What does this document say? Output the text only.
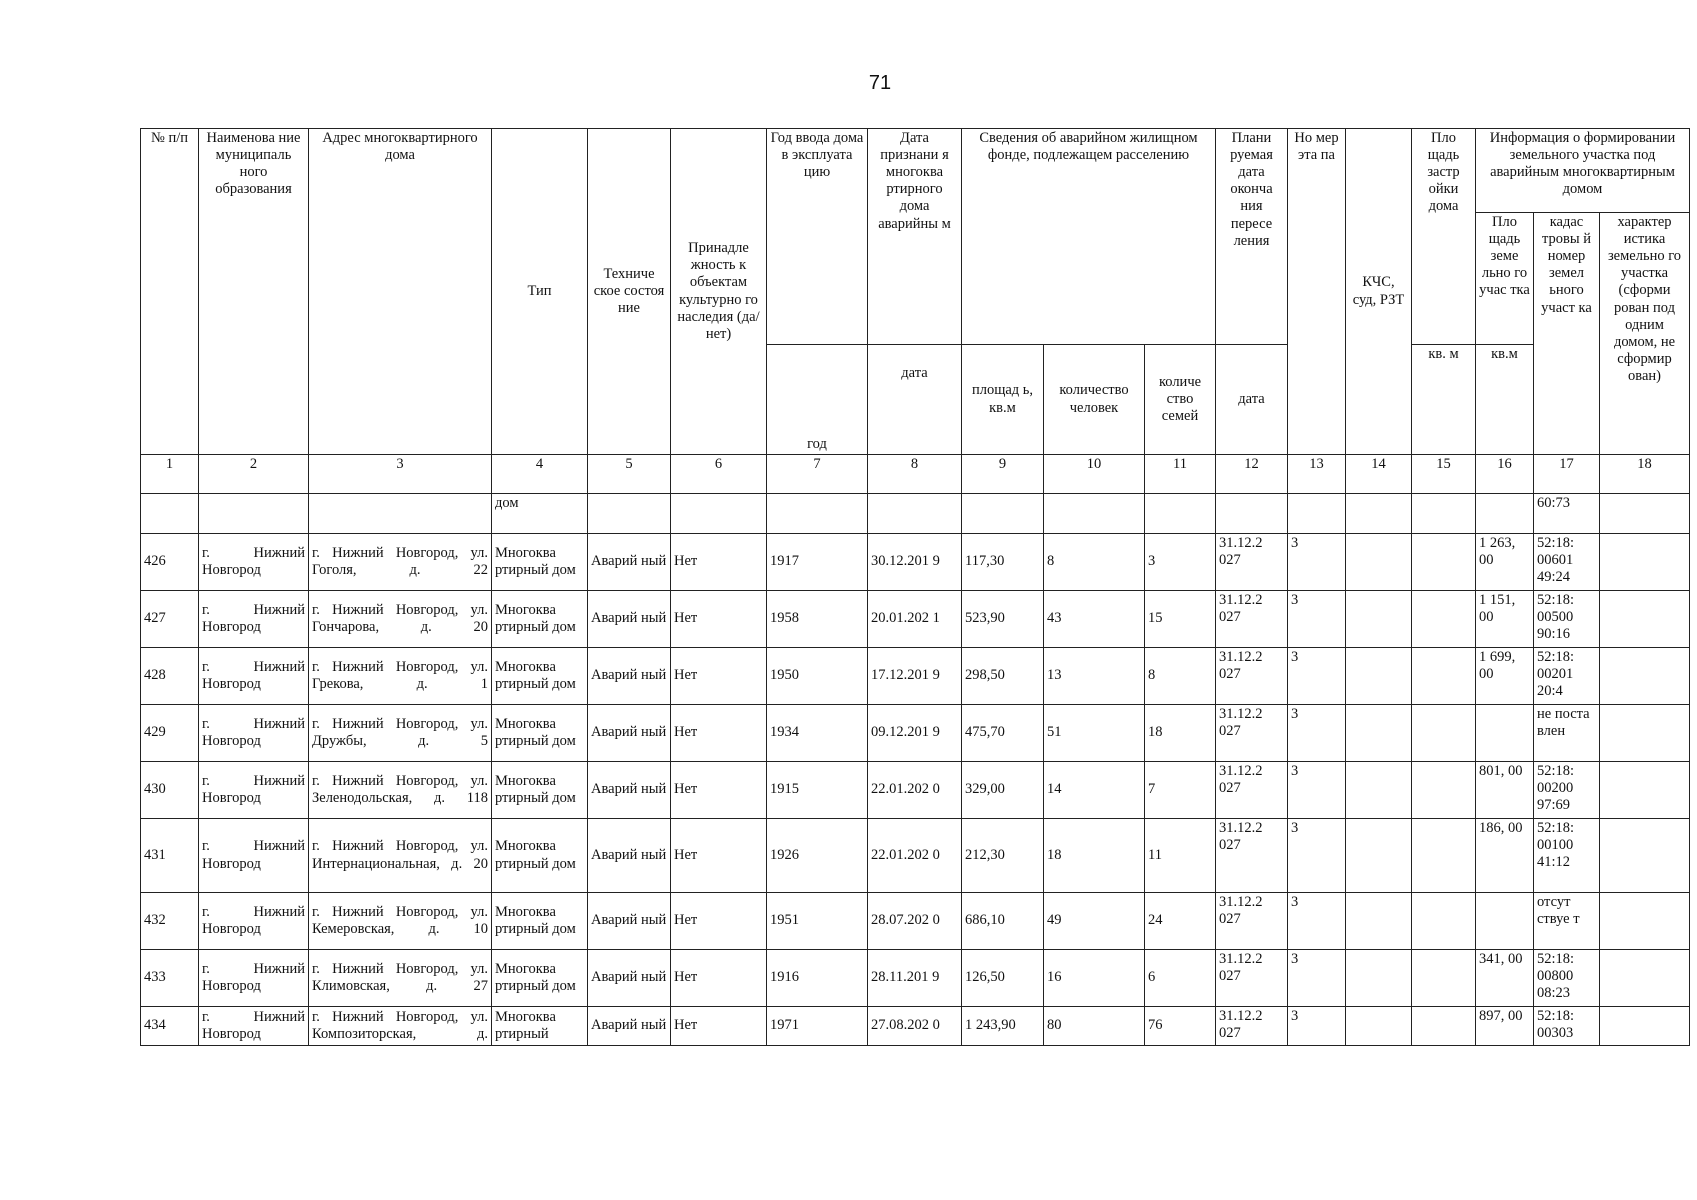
71
№ п/п	Наименова ние муниципаль ного образования	Адрес многоквартирного дома	Тип	Техниче ское состоя ние	Принадле жность к объектам культурно го наследия (да/нет)	Год ввода дома в эксплуата цию	Дата признани я многоква ртирного дома аварийны м	Сведения об аварийном жилищном фонде, подлежащем расселению			Плани руемая дата оконча ния пересе ления	Но мер эта па	КЧС, суд, РЗТ	Пло щадь застр ойки дома	Информация о формировании земельного участка под аварийным многоквартирным домом		
															Пло щадь земе льно го учас тка	кадас тровы й номер земел ьного участ ка	характер истика земельно го участка (сформи рован под одним домом, не сформир ован)
						год	дата	площад ь, кв.м	количество человек	количе ство семей	дата			кв. м	кв.м		
1	2	3	4	5	6	7	8	9	10	11	12	13	14	15	16	17	18
			дом													60:73	
426	г. Нижний Новгород	г. Нижний Новгород, ул. Гоголя, д. 22	Многоква ртирный дом	Аварий ный	Нет	1917	30.12.201 9	117,30	8	3	31.12.2 027	3			1 263, 00	52:18: 00601 49:24	
427	г. Нижний Новгород	г. Нижний Новгород, ул. Гончарова, д. 20	Многоква ртирный дом	Аварий ный	Нет	1958	20.01.202 1	523,90	43	15	31.12.2 027	3			1 151, 00	52:18: 00500 90:16	
428	г. Нижний Новгород	г. Нижний Новгород, ул. Грекова, д. 1	Многоква ртирный дом	Аварий ный	Нет	1950	17.12.201 9	298,50	13	8	31.12.2 027	3			1 699, 00	52:18: 00201 20:4	
429	г. Нижний Новгород	г. Нижний Новгород, ул. Дружбы, д. 5	Многоква ртирный дом	Аварий ный	Нет	1934	09.12.201 9	475,70	51	18	31.12.2 027	3				не поста влен	
430	г. Нижний Новгород	г. Нижний Новгород, ул. Зеленодольская, д. 118	Многоква ртирный дом	Аварий ный	Нет	1915	22.01.202 0	329,00	14	7	31.12.2 027	3			801, 00	52:18: 00200 97:69	
431	г. Нижний Новгород	г. Нижний Новгород, ул. Интернациональная, д. 20	Многоква ртирный дом	Аварий ный	Нет	1926	22.01.202 0	212,30	18	11	31.12.2 027	3			186, 00	52:18: 00100 41:12	
432	г. Нижний Новгород	г. Нижний Новгород, ул. Кемеровская, д. 10	Многоква ртирный дом	Аварий ный	Нет	1951	28.07.202 0	686,10	49	24	31.12.2 027	3				отсут ствуе т	
433	г. Нижний Новгород	г. Нижний Новгород, ул. Климовская, д. 27	Многоква ртирный дом	Аварий ный	Нет	1916	28.11.201 9	126,50	16	6	31.12.2 027	3			341, 00	52:18: 00800 08:23	
434	г. Нижний Новгород	г. Нижний Новгород, ул. Композиторская, д.	Многоква ртирный	Аварий ный	Нет	1971	27.08.202 0	1 243,90	80	76	31.12.2 027	3			897, 00	52:18: 00303	
